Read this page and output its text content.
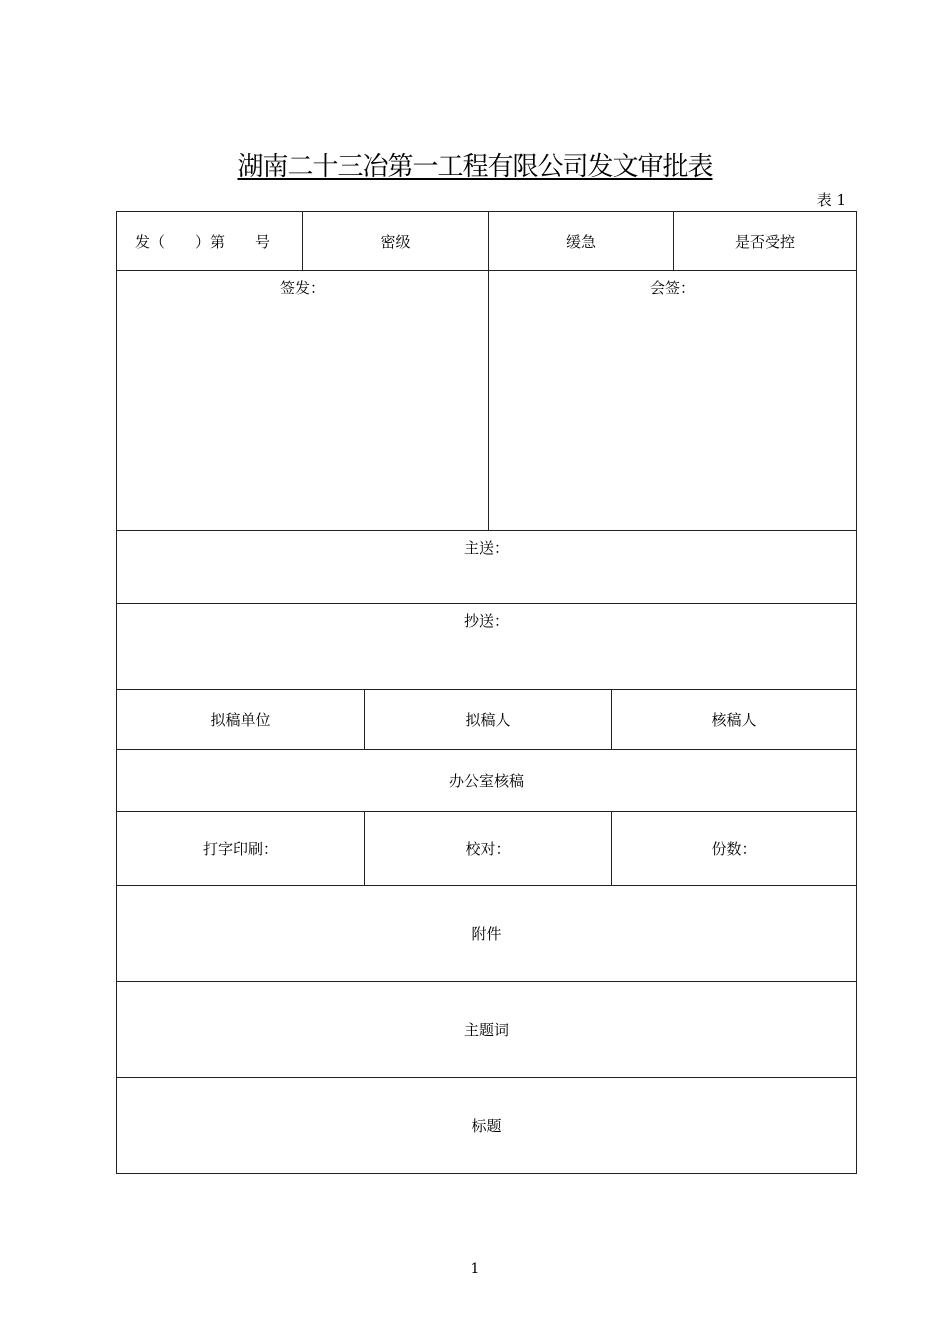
湖南二十三冶第一工程有限公司发文审批表
表 1
发（　　）第　　号	密级	缓急	是否受控
签发：	会签：
主送：
抄送：
拟稿单位	拟稿人	核稿人
办公室核稿
打字印刷：	校对：	份数：
附件
主题词
标题
1
